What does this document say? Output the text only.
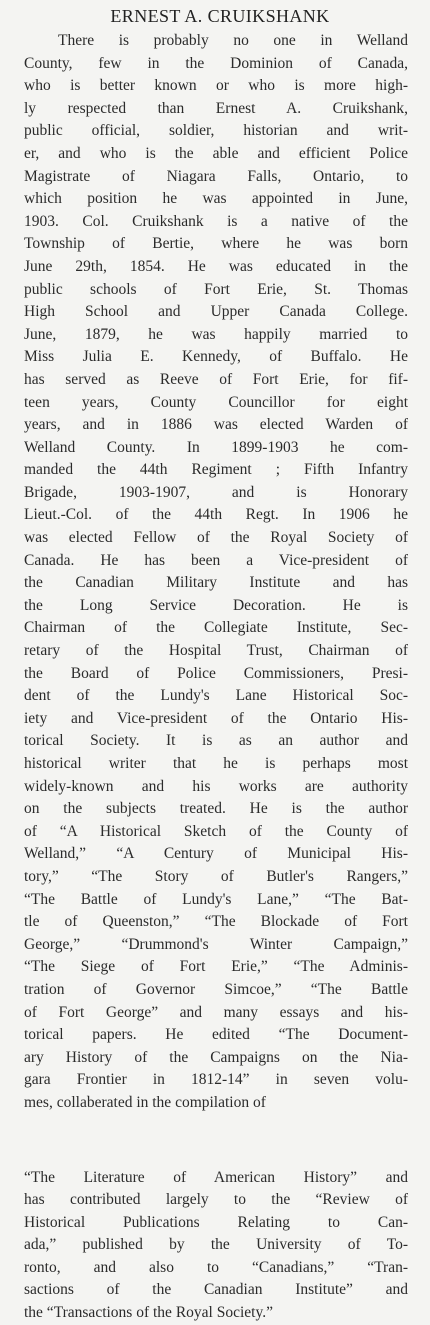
ERNEST A. CRUIKSHANK
There is probably no one in Welland
County, few in the Dominion of Canada,
who is better known or who is more high-
ly respected than Ernest A. Cruikshank,
public official, soldier, historian and writ-
er, and who is the able and efficient Police
Magistrate of Niagara Falls, Ontario, to
which position he was appointed in June,
1903. Col. Cruikshank is a native of the
Township of Bertie, where he was born
June 29th, 1854. He was educated in the
public schools of Fort Erie, St. Thomas
High School and Upper Canada College.
June, 1879, he was happily married to
Miss Julia E. Kennedy, of Buffalo. He
has served as Reeve of Fort Erie, for fif-
teen years, County Councillor for eight
years, and in 1886 was elected Warden of
Welland County. In 1899-1903 he com-
manded the 44th Regiment ; Fifth Infantry
Brigade, 1903-1907, and is Honorary
Lieut.-Col. of the 44th Regt. In 1906 he
was elected Fellow of the Royal Society of
Canada. He has been a Vice-president of
the Canadian Military Institute and has
the Long Service Decoration. He is
Chairman of the Collegiate Institute, Sec-
retary of the Hospital Trust, Chairman of
the Board of Police Commissioners, Presi-
dent of the Lundy's Lane Historical Soc-
iety and Vice-president of the Ontario His-
torical Society. It is as an author and
historical writer that he is perhaps most
widely-known and his works are authority
on the subjects treated. He is the author
of “A Historical Sketch of the County of
Welland,” “A Century of Municipal His-
tory,” “The Story of Butler's Rangers,”
“The Battle of Lundy's Lane,” “The Bat-
tle of Queenston,” “The Blockade of Fort
George,” “Drummond's Winter Campaign,”
“The Siege of Fort Erie,” “The Adminis-
tration of Governor Simcoe,” “The Battle
of Fort George” and many essays and his-
torical papers. He edited “The Document-
ary History of the Campaigns on the Nia-
gara Frontier in 1812-14” in seven volu-
mes, collaberated in the compilation of
“The Literature of American History” and
has contributed largely to the “Review of
Historical Publications Relating to Can-
ada,” published by the University of To-
ronto, and also to “Canadians,” “Tran-
sactions of the Canadian Institute” and
the “Transactions of the Royal Society.”
